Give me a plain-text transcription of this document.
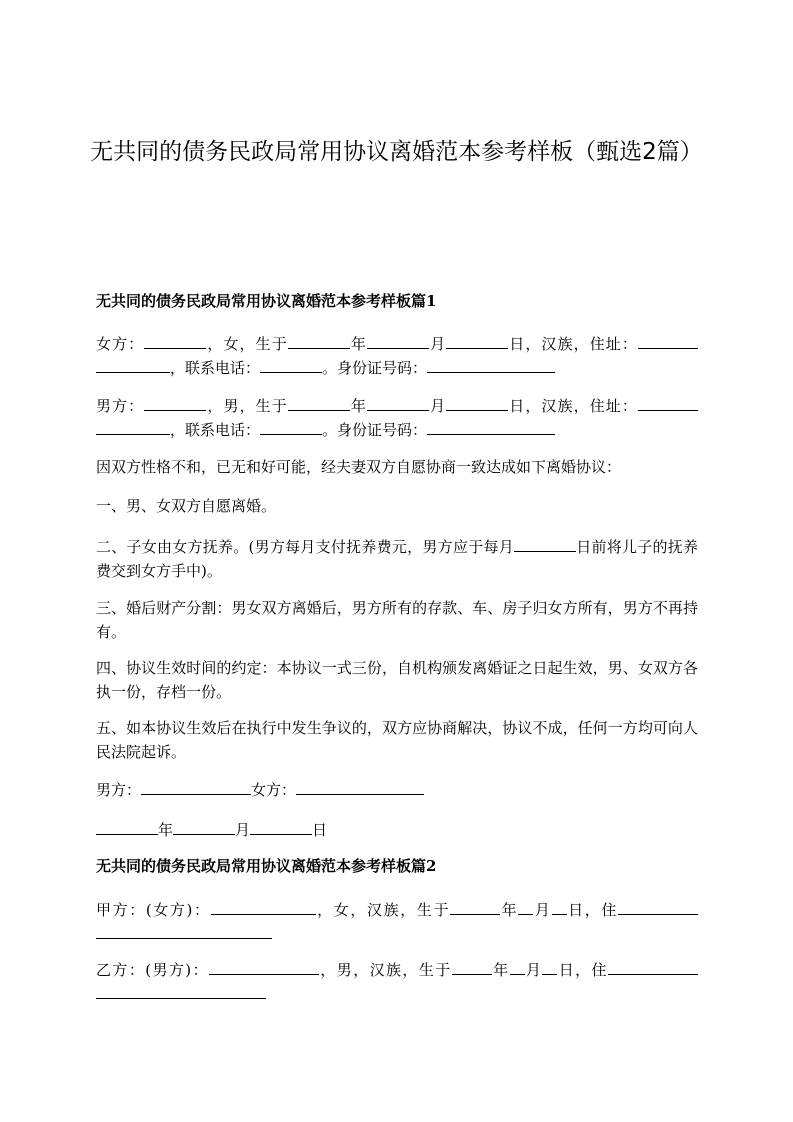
无共同的债务民政局常用协议离婚范本参考样板（甄选2篇）
无共同的债务民政局常用协议离婚范本参考样板篇1

女方：	，女，生于	年	月	日，汉族，住址：，联系电话：	。身份证号码：

男方：	，男，生于	年	月	日，汉族，住址：，联系电话：	。身份证号码：

因双方性格不和，已无和好可能，经夫妻双方自愿协商一致达成如下离婚协议：

一、男、女双方自愿离婚。

二、子女由女方抚养。(男方每月支付抚养费元，男方应于每月	日前将儿子的抚养费交到女方手中)。

三、婚后财产分割：男女双方离婚后，男方所有的存款、车、房子归女方所有，男方不再持有。

四、协议生效时间的约定：本协议一式三份，自机构颁发离婚证之日起生效，男、女双方各执一份，存档一份。

五、如本协议生效后在执行中发生争议的，双方应协商解决，协议不成，任何一方均可向人民法院起诉。

男方：	女方：

年	月	日

无共同的债务民政局常用协议离婚范本参考样板篇2

甲方：(女方)：	，女，汉族，生于	年 月 日，住

乙方：(男方)：	，男，汉族，生于	年 月 日，住
